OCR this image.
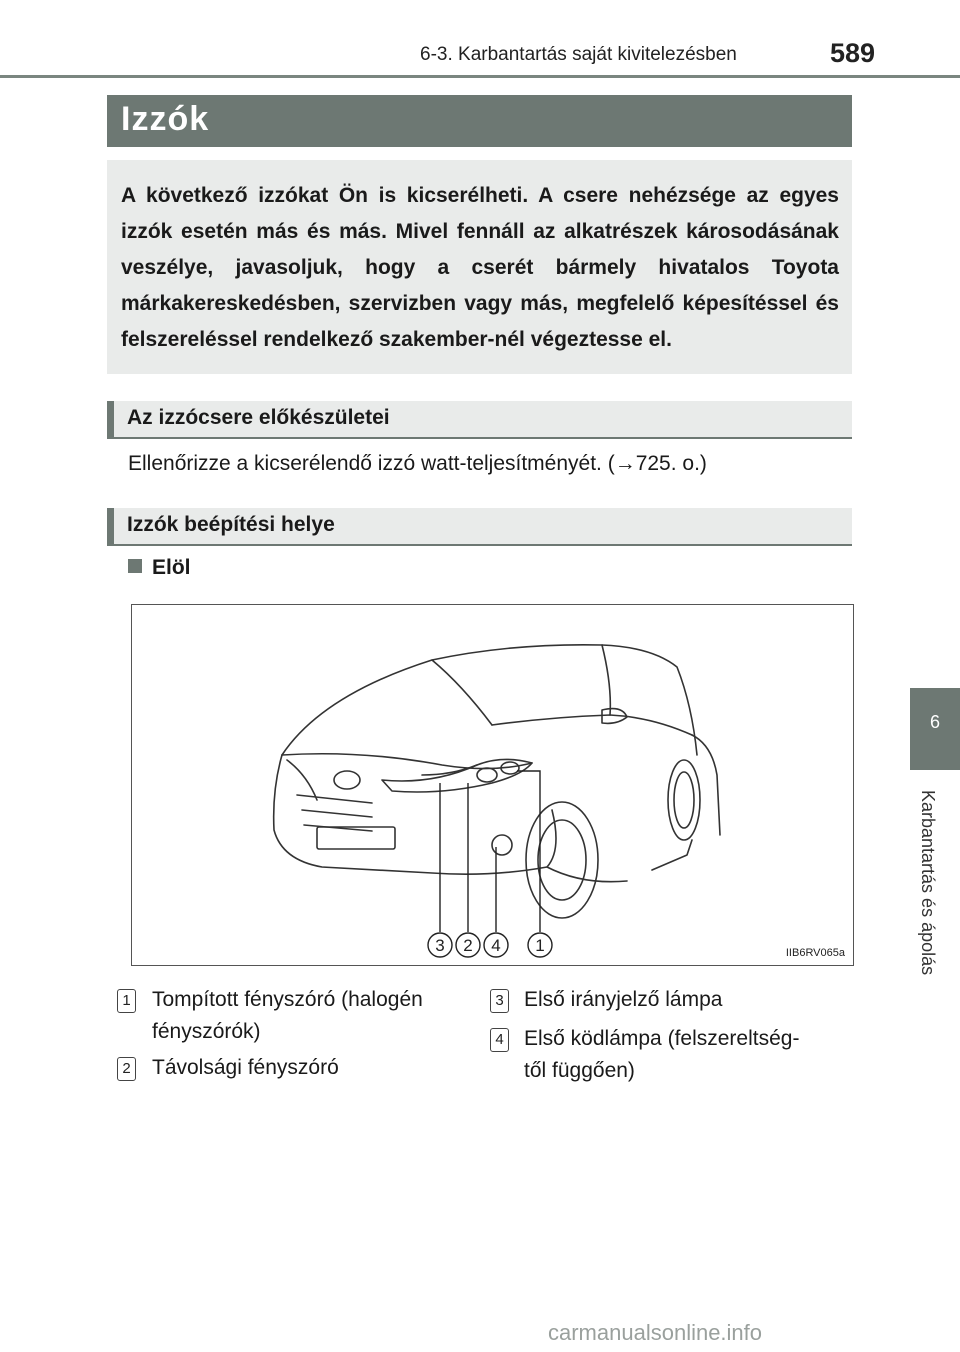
6-3. Karbantartás saját kivitelezésben	589
6
Karbantartás és ápolás
Izzók
A következő izzókat Ön is kicserélheti. A csere nehézsége az egyes izzók esetén más és más. Mivel fennáll az alkatrészek károsodásának veszélye, javasoljuk, hogy a cserét bármely hivatalos Toyota márkakereskedésben, szervizben vagy más, megfelelő képesítéssel és felszereléssel rendelkező szakember-nél végeztesse el.
Az izzócsere előkészületei
Ellenőrizze a kicserélendő izzó watt-teljesítményét. (→725. o.)
Izzók beépítési helye
Elöl
3 2 4 1	IIB6RV065a
1 Tompított fényszóró (halogén
fényszórók)
2 Távolsági fényszóró
3 Első irányjelző lámpa
4 Első ködlámpa (felszereltség-
től függően)
carmanualsonline.info
